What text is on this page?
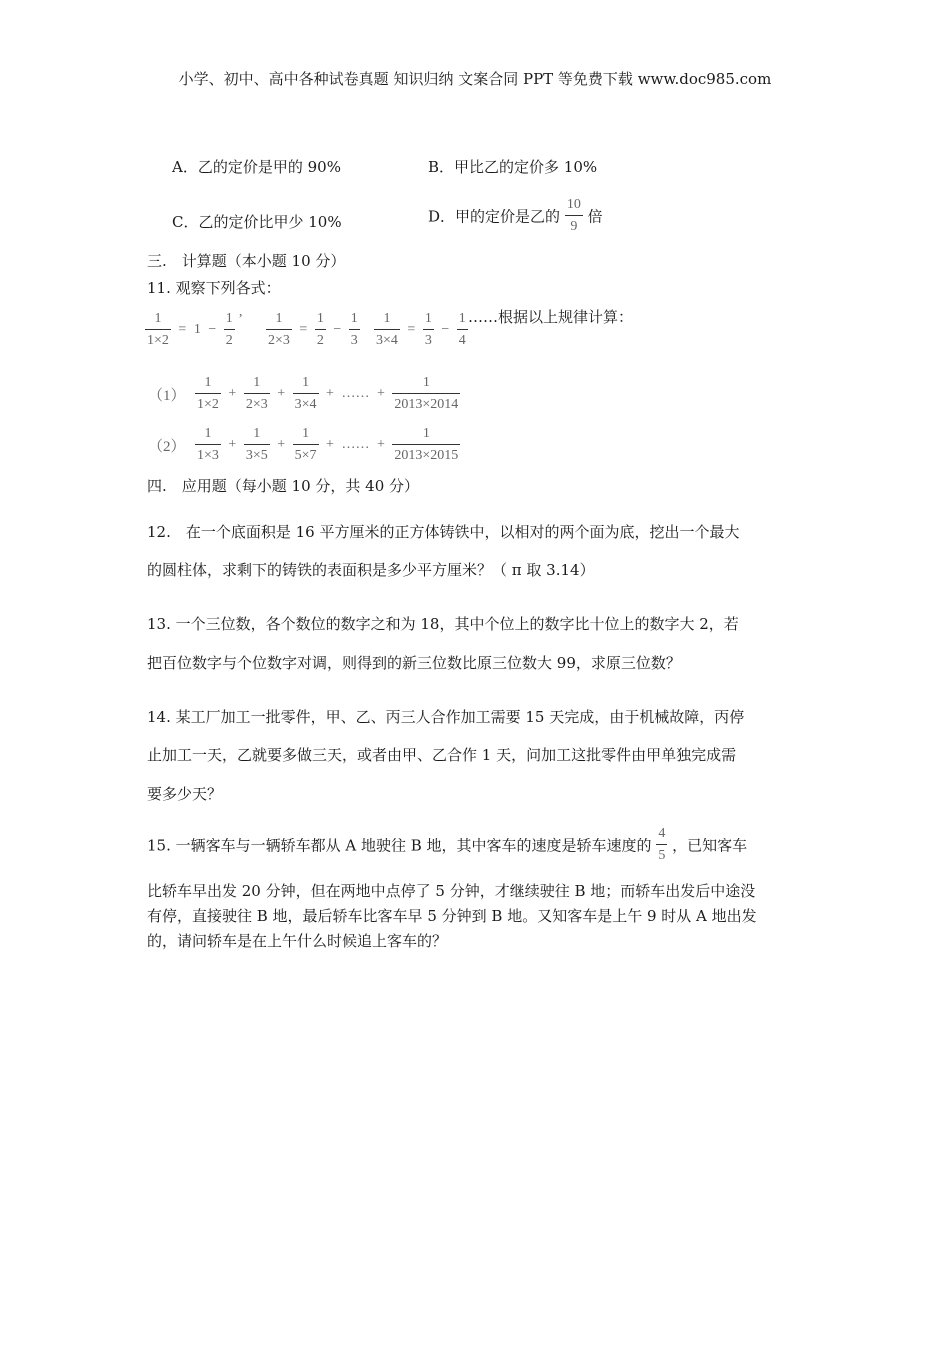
小学、初中、高中各种试卷真题 知识归纳 文案合同 PPT 等免费下载 www.doc985.com
A．乙的定价是甲的 90%	B．甲比乙的定价多 10%
C．乙的定价比甲少 10%	D．甲的定价是乙的 $\frac{10}{9}$ 倍
三.　计算题（本小题 10 分）
11. 观察下列各式：
$\frac{1}{1\times 2} = 1 - \frac{1}{2}$ ’ $\frac{1}{2\times 3} = \frac{1}{2} - \frac{1}{3} \frac{1}{3\times 4} = \frac{1}{3} - \frac{1}{4}$ ……根据以上规律计算：
$(1) \frac{1}{1\times 2} + \frac{1}{2\times 3} + \frac{1}{3\times 4}$ + …… + $\frac{1}{2013\times 2014}$
$(2) \frac{1}{1\times 3} + \frac{1}{3\times 5} + \frac{1}{5\times 7}$ + …… + $\frac{1}{2013\times 2015}$
四.　应用题（每小题 10 分，共 40 分）
12.　在一个底面积是 16 平方厘米的正方体铸铁中，以相对的两个面为底，挖出一个最大
的圆柱体，求剩下的铸铁的表面积是多少平方厘米？（ π 取 3.14）
13. 一个三位数，各个数位的数字之和为 18，其中个位上的数字比十位上的数字大 2，若
把百位数字与个位数字对调，则得到的新三位数比原三位数大 99，求原三位数？
14. 某工厂加工一批零件，甲、乙、丙三人合作加工需要 15 天完成，由于机械故障，丙停
止加工一天，乙就要多做三天，或者由甲、乙合作 1 天，问加工这批零件由甲单独完成需
要多少天？
15. 一辆客车与一辆轿车都从 A 地驶往 B 地，其中客车的速度是轿车速度的 $\frac{4}{5}$ ，已知客车
比轿车早出发 20 分钟，但在两地中点停了 5 分钟，才继续驶往 B 地；而轿车出发后中途没
有停，直接驶往 B 地，最后轿车比客车早 5 分钟到 B 地。又知客车是上午 9 时从 A 地出发
的，请问轿车是在上午什么时候追上客车的？
